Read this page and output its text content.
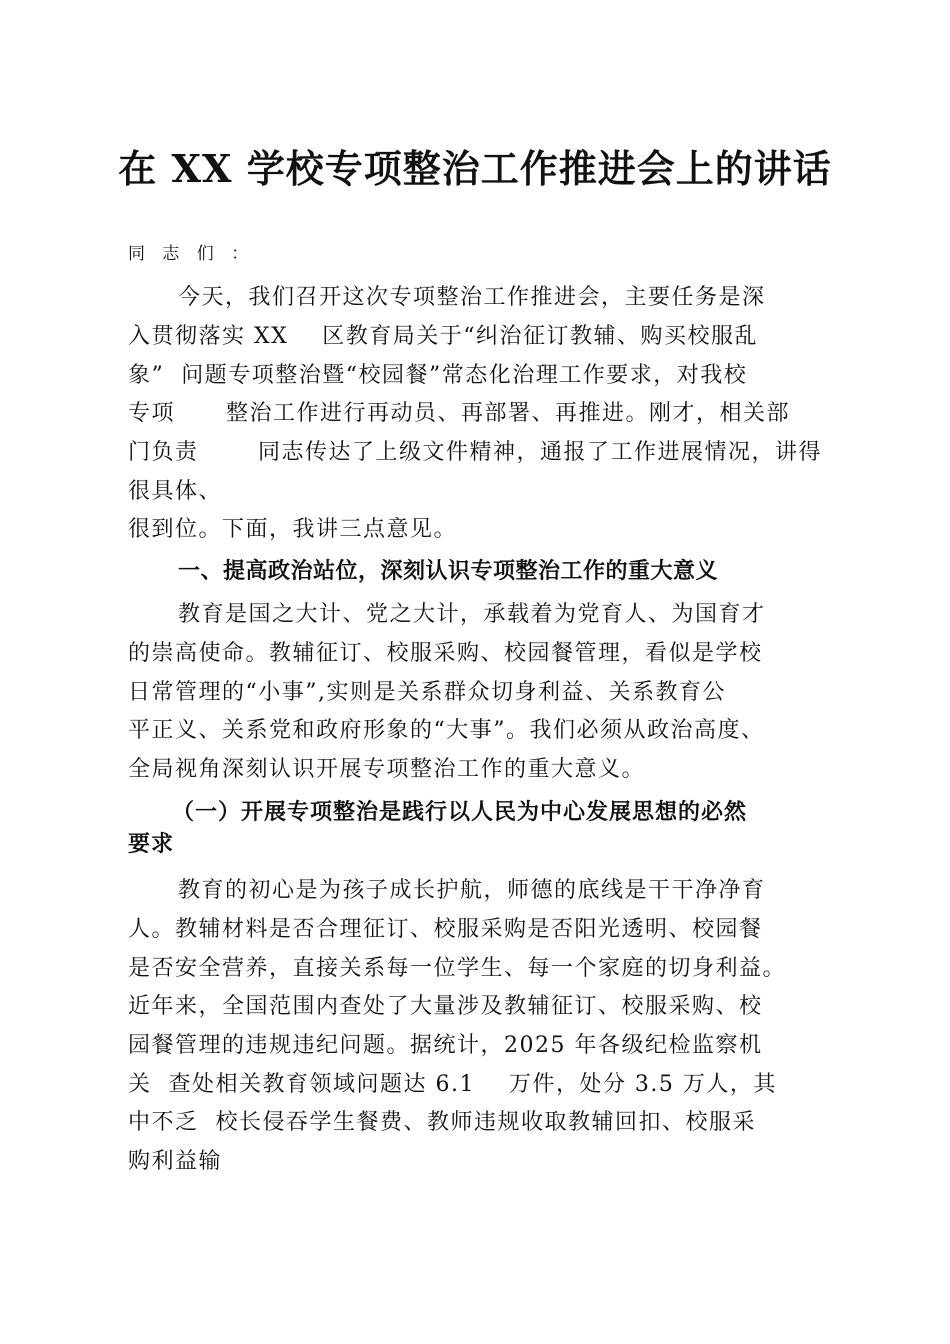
在 XX 学校专项整治工作推进会上的讲话
同 志 们 ：
今天，我们召开这次专项整治工作推进会，主要任务是深
入贯彻落实 XX    区教育局关于“纠治征订教辅、购买校服乱
象”  问题专项整治暨“校园餐”常态化治理工作要求，对我校
专项      整治工作进行再动员、再部署、再推进。刚才，相关部
门负责       同志传达了上级文件精神，通报了工作进展情况，讲得
很具体、
很到位。下面，我讲三点意见。
一、提高政治站位，深刻认识专项整治工作的重大意义
教育是国之大计、党之大计，承载着为党育人、为国育才
的崇高使命。教辅征订、校服采购、校园餐管理，看似是学校
日常管理的“小事”,实则是关系群众切身利益、关系教育公
平正义、关系党和政府形象的“大事”。我们必须从政治高度、
全局视角深刻认识开展专项整治工作的重大意义。
（一）开展专项整治是践行以人民为中心发展思想的必然
要求
教育的初心是为孩子成长护航，师德的底线是干干净净育
人。教辅材料是否合理征订、校服采购是否阳光透明、校园餐
是否安全营养，直接关系每一位学生、每一个家庭的切身利益。
近年来，全国范围内查处了大量涉及教辅征订、校服采购、校
园餐管理的违规违纪问题。据统计，2025 年各级纪检监察机
关  查处相关教育领域问题达 6.1    万件，处分 3.5 万人，其
中不乏  校长侵吞学生餐费、教师违规收取教辅回扣、校服采
购利益输
